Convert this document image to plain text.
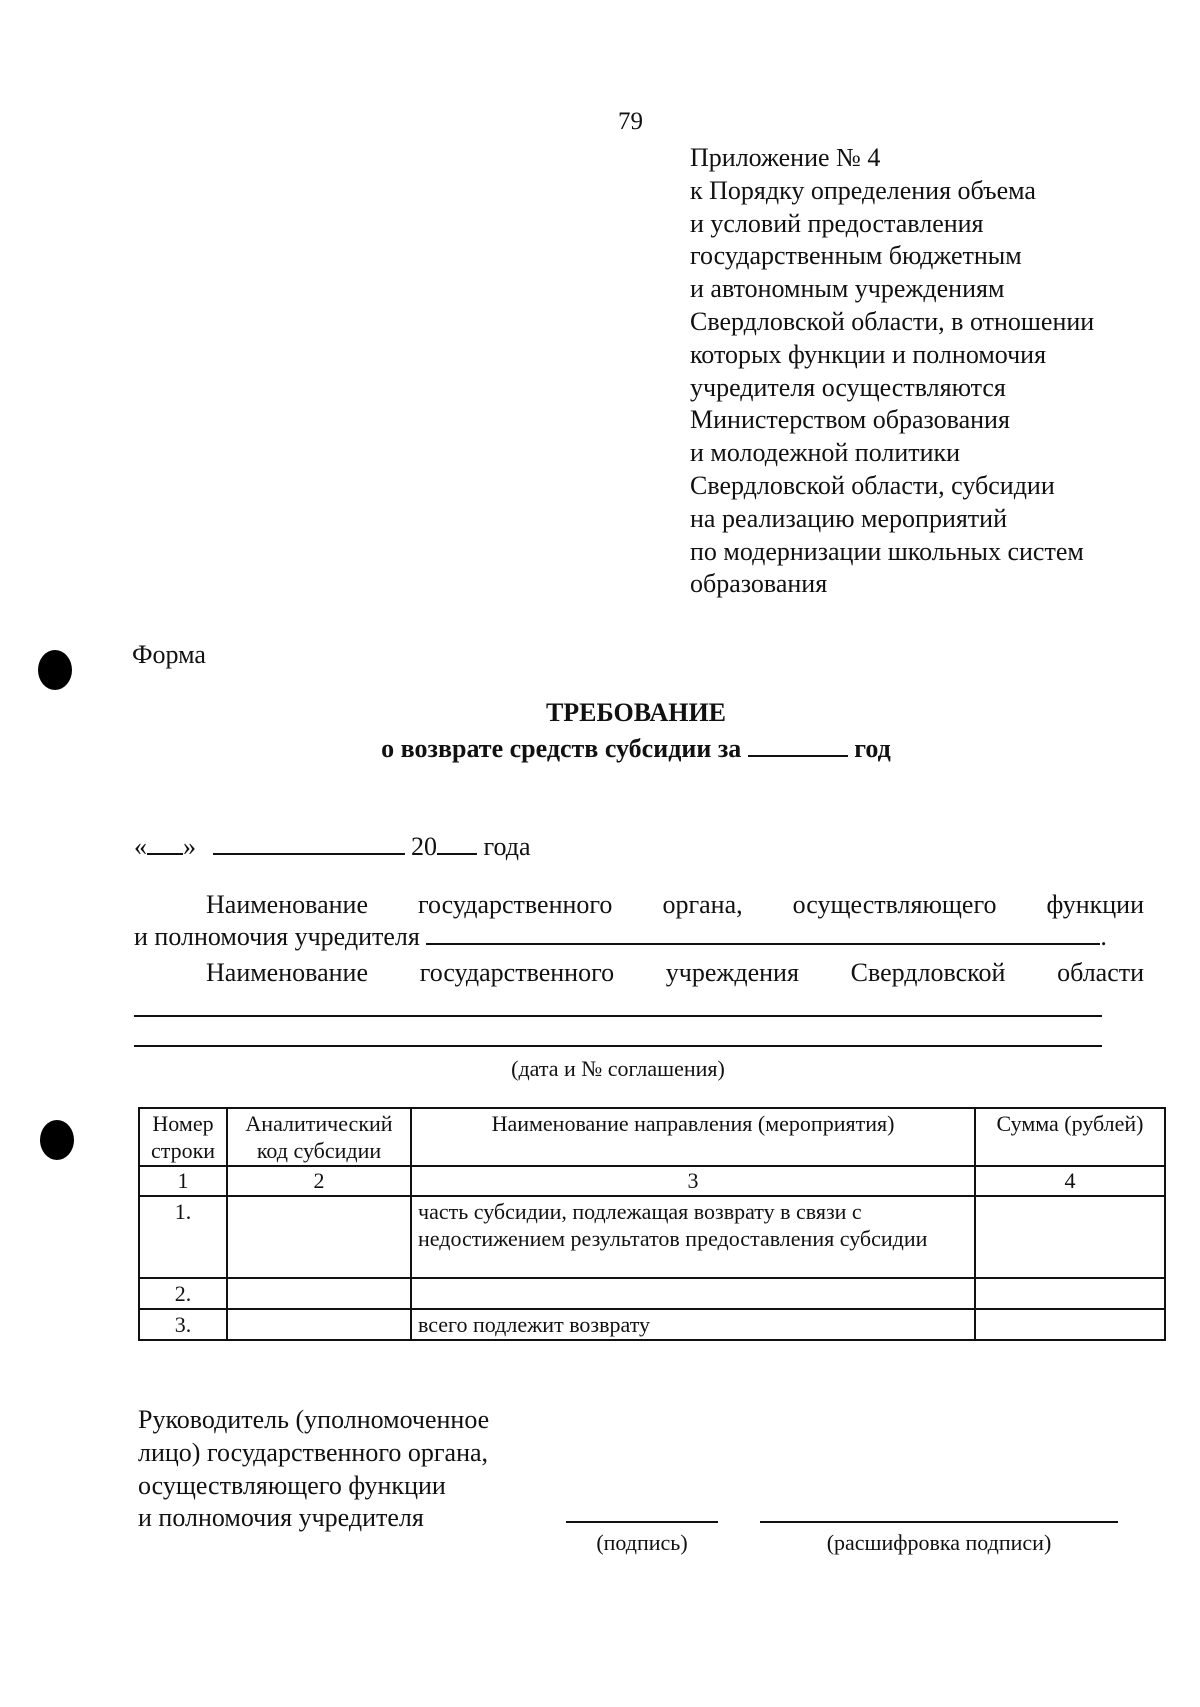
79
Приложение № 4
к Порядку определения объема
и условий предоставления
государственным бюджетным
и автономным учреждениям
Свердловской области, в отношении
которых функции и полномочия
учредителя осуществляются
Министерством образования
и молодежной политики
Свердловской области, субсидии
на реализацию мероприятий
по модернизации школьных систем
образования
Форма
ТРЕБОВАНИЕ
о возврате средств субсидии за	год
« »	20 года
Наименование государственного органа, осуществляющего функции
и полномочия учредителя	.
Наименование государственного учреждения Свердловской области
(дата и № соглашения)
Номер строки	Аналитический код субсидии	Наименование направления (мероприятия)	Сумма (рублей)
1	2	3	4
1.		часть субсидии, подлежащая возврату в связи с недостижением результатов предоставления субсидии	
2.			
3.		всего подлежит возврату	
Руководитель (уполномоченное
лицо) государственного органа,
осуществляющего функции
и полномочия учредителя
(подпись)	(расшифровка подписи)
